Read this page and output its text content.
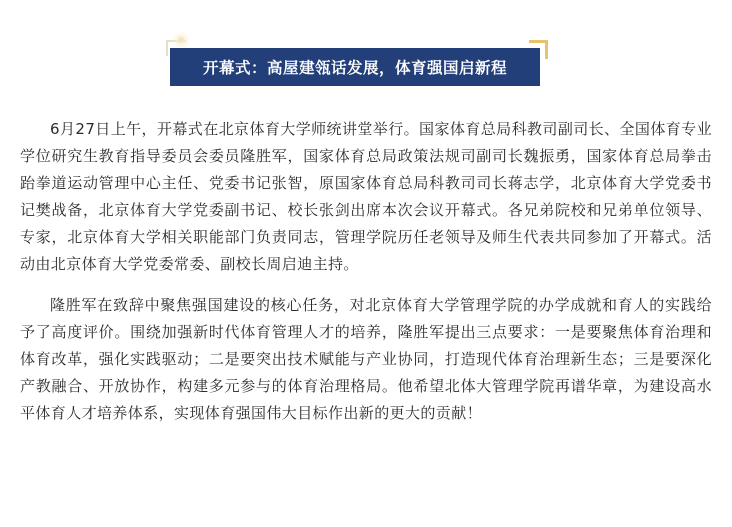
开幕式：高屋建瓴话发展，体育强国启新程

6月27日上午，开幕式在北京体育大学师统讲堂举行。国家体育总局科教司副司长、全国体育专业学位研究生教育指导委员会委员隆胜军，国家体育总局政策法规司副司长魏振勇，国家体育总局拳击跆拳道运动管理中心主任、党委书记张智，原国家体育总局科教司司长蒋志学，北京体育大学党委书记樊战备，北京体育大学党委副书记、校长张剑出席本次会议开幕式。各兄弟院校和兄弟单位领导、专家，北京体育大学相关职能部门负责同志，管理学院历任老领导及师生代表共同参加了开幕式。活动由北京体育大学党委常委、副校长周启迪主持。

隆胜军在致辞中聚焦强国建设的核心任务，对北京体育大学管理学院的办学成就和育人的实践给予了高度评价。围绕加强新时代体育管理人才的培养，隆胜军提出三点要求：一是要聚焦体育治理和体育改革，强化实践驱动；二是要突出技术赋能与产业协同，打造现代体育治理新生态；三是要深化产教融合、开放协作，构建多元参与的体育治理格局。他希望北体大管理学院再谱华章，为建设高水平体育人才培养体系，实现体育强国伟大目标作出新的更大的贡献！
